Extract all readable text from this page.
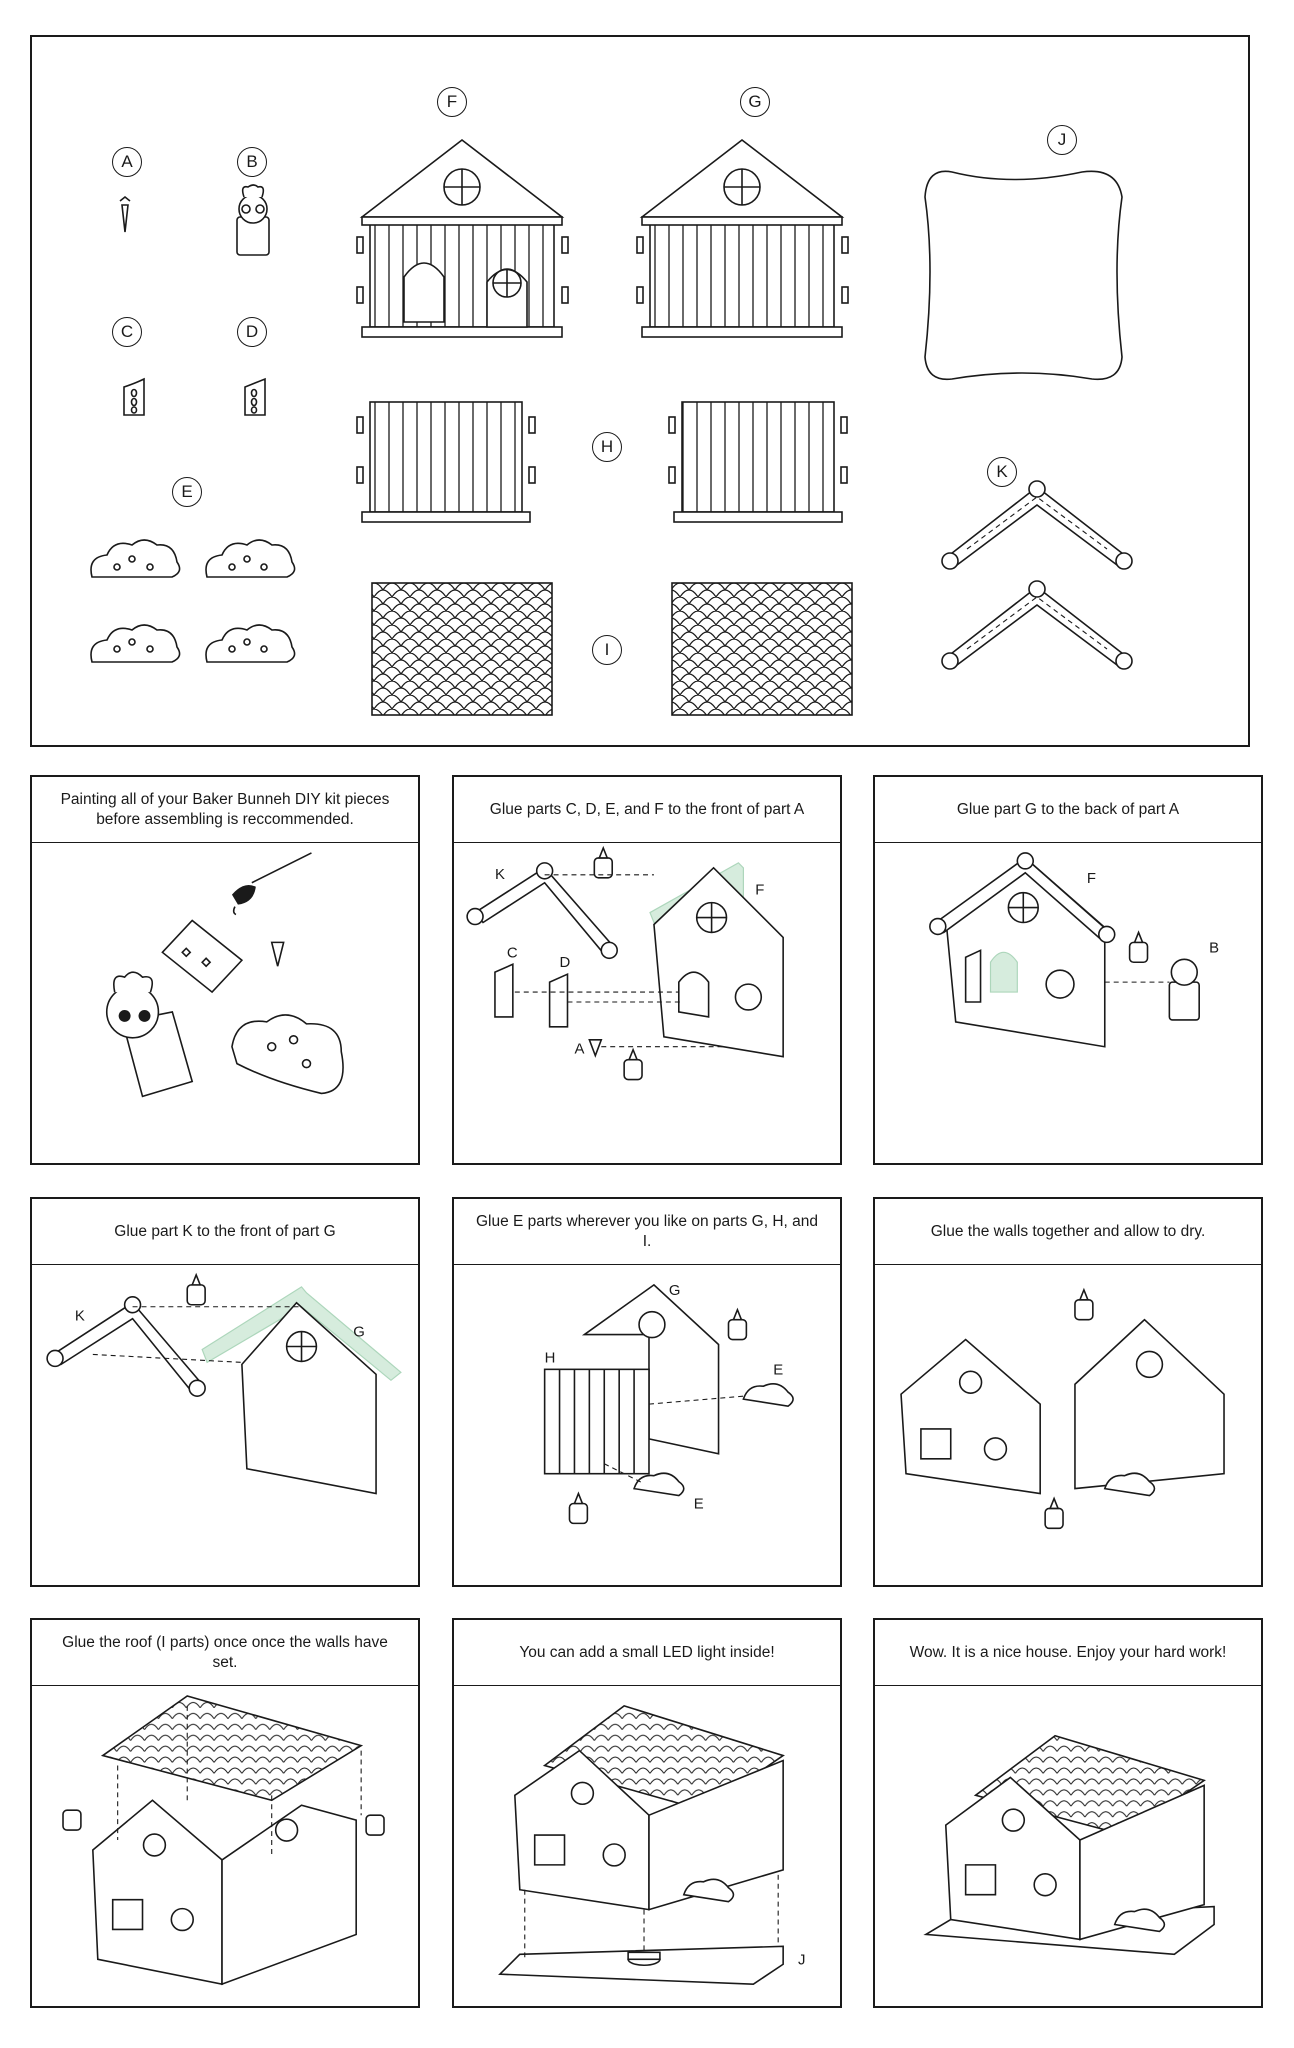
A	B
C	D
E
F	G
H
I
J
K
Painting all of your Baker Bunneh DIY kit pieces before assembling is reccommended.
Glue parts C, D, E, and F to the front of part A
K
F
C
D
A
Glue part G to the back of part A
F
B
Glue part K to the front of part G
K
G
Glue E parts wherever you like on parts G, H, and I.
G
H
E
E
Glue the walls together and allow to dry.
Glue the roof (I parts) once once the walls have set.
You can add a small LED light inside!
J
Wow. It is a nice house. Enjoy your hard work!
